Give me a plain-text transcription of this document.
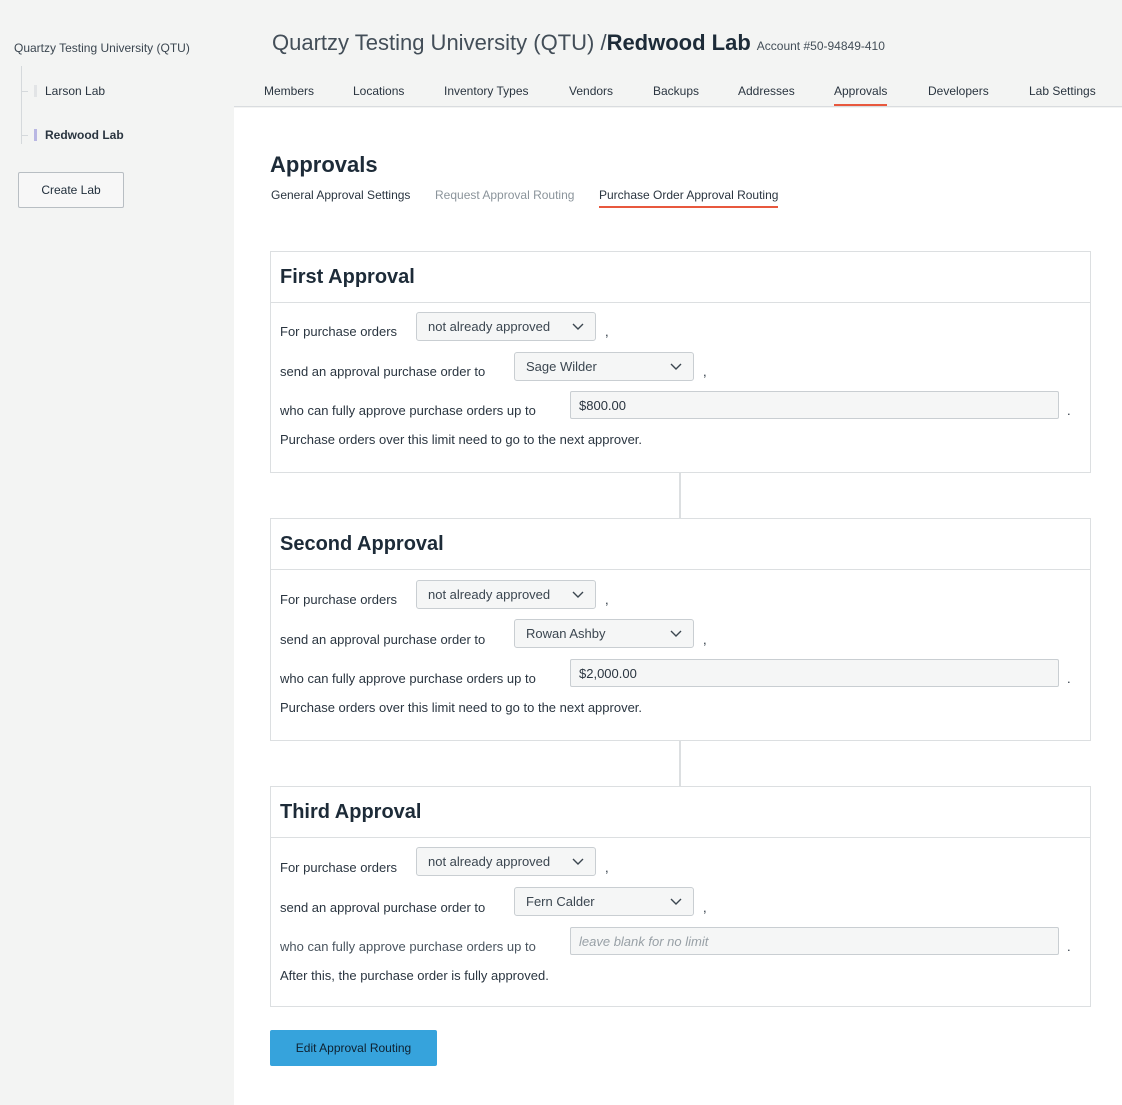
Quartzy Testing University (QTU)
Larson Lab
Redwood Lab
Create Lab
Quartzy Testing University (QTU) / Redwood Lab Account #50-94849-410
Members	Locations	Inventory Types	Vendors	Backups	Addresses	Approvals	Developers	Lab Settings
Approvals
General Approval Settings Request Approval Routing Purchase Order Approval Routing
First Approval
For purchase orders not already approved	,
send an approval purchase order to	Sage Wilder	,
who can fully approve purchase orders up to	$800.00	.
Purchase orders over this limit need to go to the next approver.
Second Approval
For purchase orders not already approved	,
send an approval purchase order to	Rowan Ashby	,
who can fully approve purchase orders up to	$2,000.00	.
Purchase orders over this limit need to go to the next approver.
Third Approval
For purchase orders not already approved	,
send an approval purchase order to	Fern Calder	,
who can fully approve purchase orders up to	leave blank for no limit	.
After this, the purchase order is fully approved.
Edit Approval Routing
